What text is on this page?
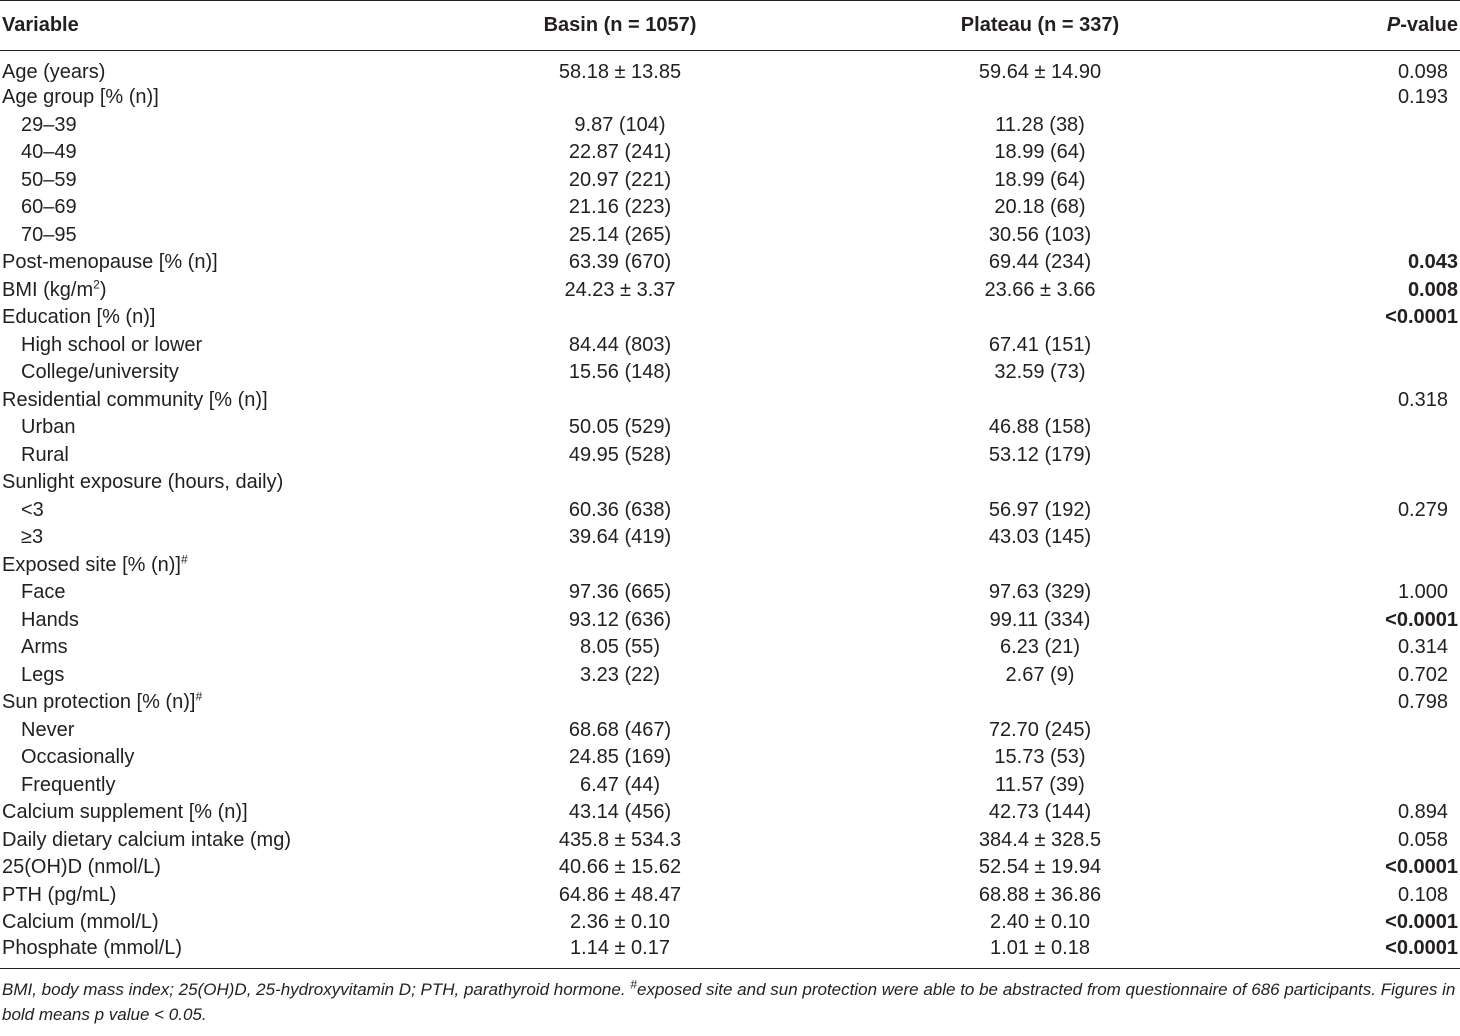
Variable	Basin (n = 1057)	Plateau (n = 337)	P-value
Age (years)	58.18 ± 13.85	59.64 ± 14.90	0.098
Age group [% (n)]			0.193
29–39	9.87 (104)	11.28 (38)	
40–49	22.87 (241)	18.99 (64)	
50–59	20.97 (221)	18.99 (64)	
60–69	21.16 (223)	20.18 (68)	
70–95	25.14 (265)	30.56 (103)	
Post-menopause [% (n)]	63.39 (670)	69.44 (234)	0.043
BMI $(kg/m^2)$	24.23 ± 3.37	23.66 ± 3.66	0.008
Education [% (n)]			<0.0001
High school or lower	84.44 (803)	67.41 (151)	
College/university	15.56 (148)	32.59 (73)	
Residential community [% (n)]			0.318
Urban	50.05 (529)	46.88 (158)	
Rural	49.95 (528)	53.12 (179)	
Sunlight exposure (hours, daily)			
<3	60.36 (638)	56.97 (192)	0.279
≥3	39.64 (419)	43.03 (145)	
Exposed site [% (n)]#			
Face	97.36 (665)	97.63 (329)	1.000
Hands	93.12 (636)	99.11 (334)	<0.0001
Arms	8.05 (55)	6.23 (21)	0.314
Legs	3.23 (22)	2.67 (9)	0.702
Sun protection [% (n)]#			0.798
Never	68.68 (467)	72.70 (245)	
Occasionally	24.85 (169)	15.73 (53)	
Frequently	6.47 (44)	11.57 (39)	
Calcium supplement [% (n)]	43.14 (456)	42.73 (144)	0.894
Daily dietary calcium intake (mg)	435.8 ± 534.3	384.4 ± 328.5	0.058
25(OH)D (nmol/L)	40.66 ± 15.62	52.54 ± 19.94	<0.0001
PTH (pg/mL)	64.86 ± 48.47	68.88 ± 36.86	0.108
Calcium (mmol/L)	2.36 ± 0.10	2.40 ± 0.10	<0.0001
Phosphate (mmol/L)	1.14 ± 0.17	1.01 ± 0.18	<0.0001
BMI, body mass index; 25(OH)D, 25-hydroxyvitamin D; PTH, parathyroid hormone. #exposed site and sun protection were able to be abstracted from questionnaire of 686 participants. Figures in bold means p value < 0.05.			
